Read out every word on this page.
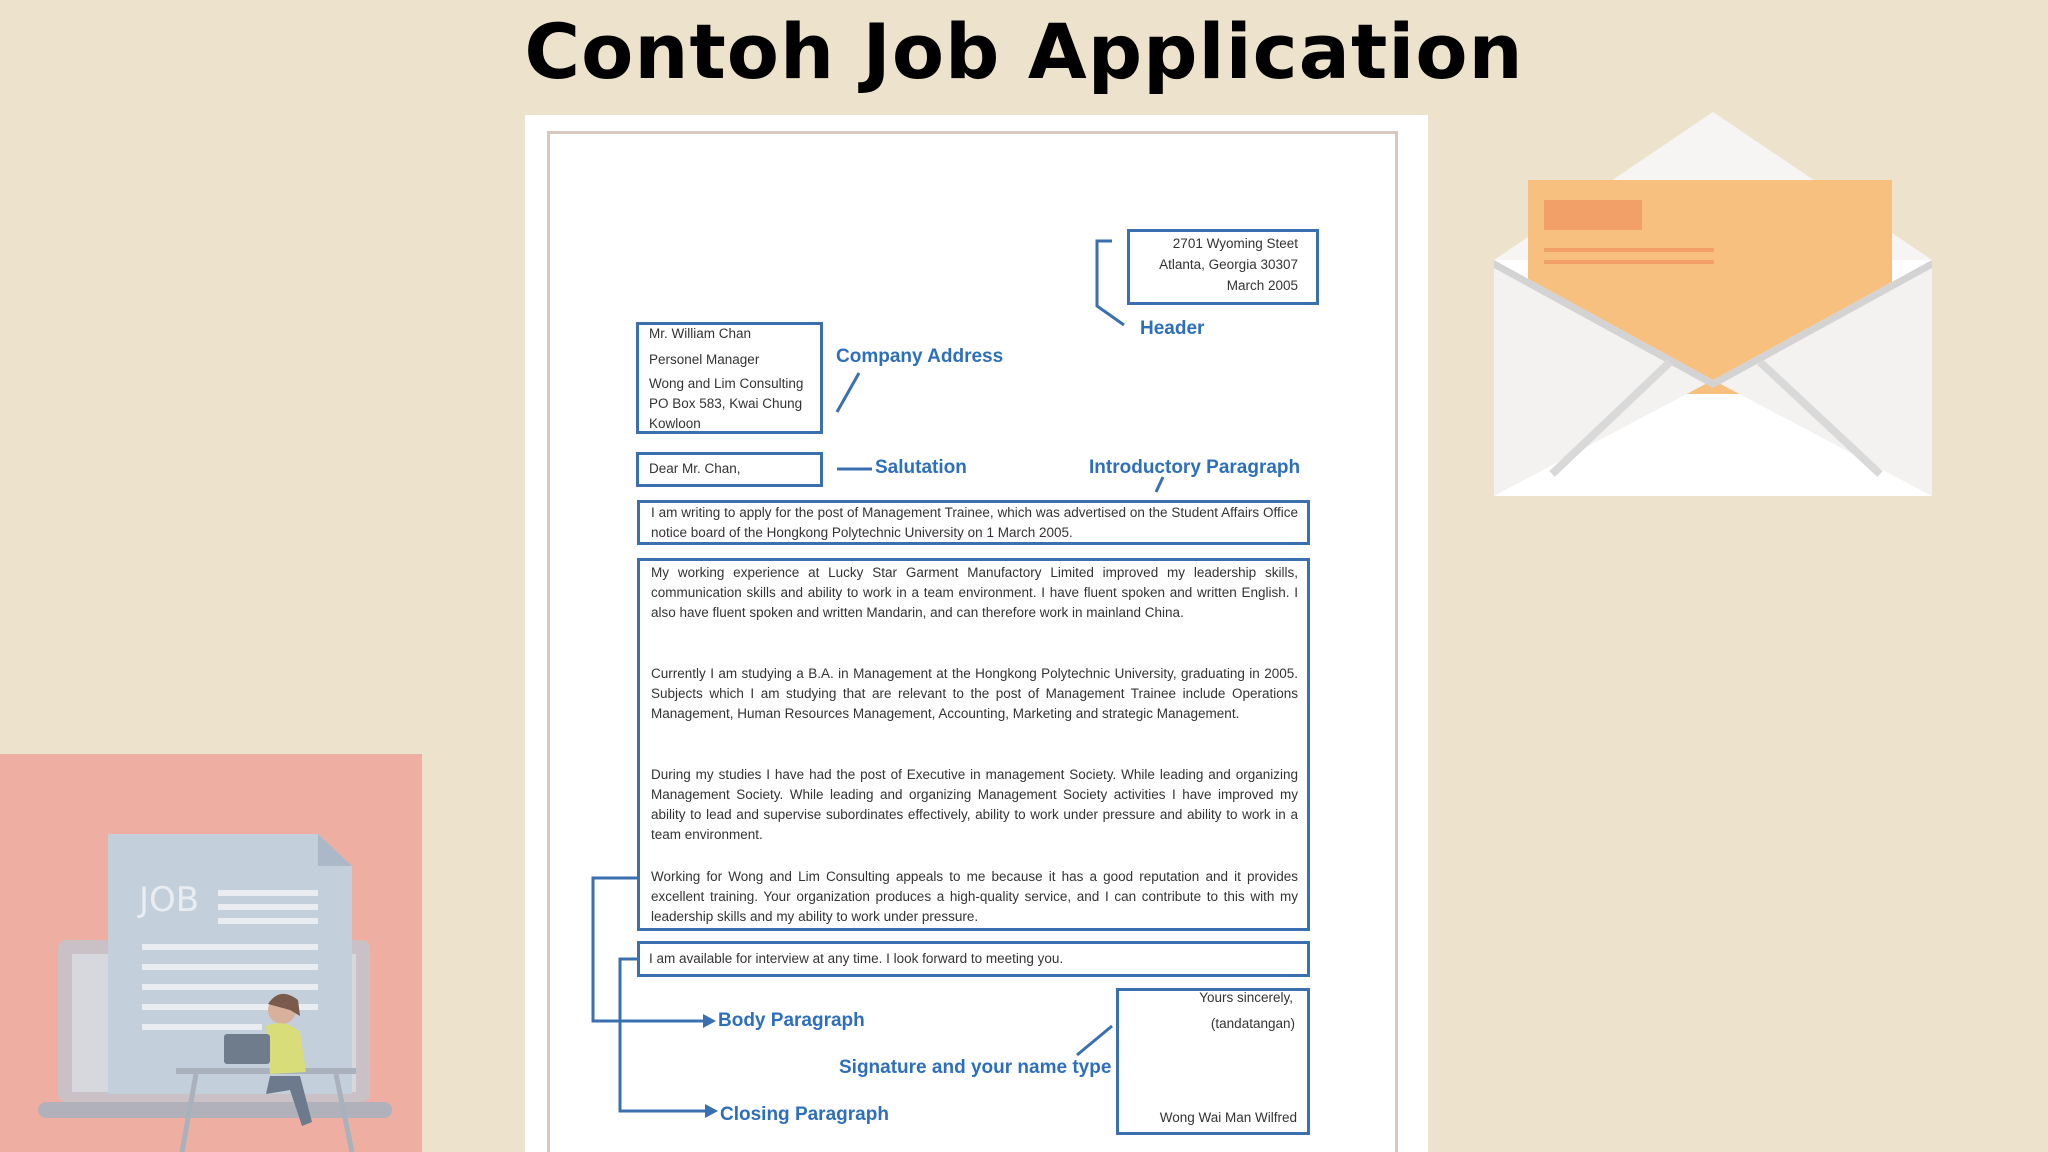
Contoh Job Application
2701 Wyoming Steet
Atlanta, Georgia 30307
March 2005
Header
Mr. William Chan
Personel Manager
Wong and Lim Consulting
PO Box 583, Kwai Chung
Kowloon
Company Address
Dear Mr. Chan,	Salutation	Introductory Paragraph

I am writing to apply for the post of Management Trainee, which was advertised on the Student Affairs Office notice board of the Hongkong Polytechnic University on 1 March 2005.

My working experience at Lucky Star Garment Manufactory Limited improved my leadership skills, communication skills and ability to work in a team environment. I have fluent spoken and written English. I also have fluent spoken and written Mandarin, and can therefore work in mainland China.

Currently I am studying a B.A. in Management at the Hongkong Polytechnic University, graduating in 2005. Subjects which I am studying that are relevant to the post of Management Trainee include Operations Management, Human Resources Management, Accounting, Marketing and strategic Management.

During my studies I have had the post of Executive in management Society. While leading and organizing Management Society. While leading and organizing Management Society activities I have improved my ability to lead and supervise subordinates effectively, ability to work under pressure and ability to work in a team environment.

Working for Wong and Lim Consulting appeals to me because it has a good reputation and it provides excellent training. Your organization produces a high-quality service, and I can contribute to this with my leadership skills and my ability to work under pressure.

I am available for interview at any time. I look forward to meeting you.
Yours sincerely,
(tandatangan)
Wong Wai Man Wilfred
Body Paragraph
Signature and your name type
Closing Paragraph
JOB
